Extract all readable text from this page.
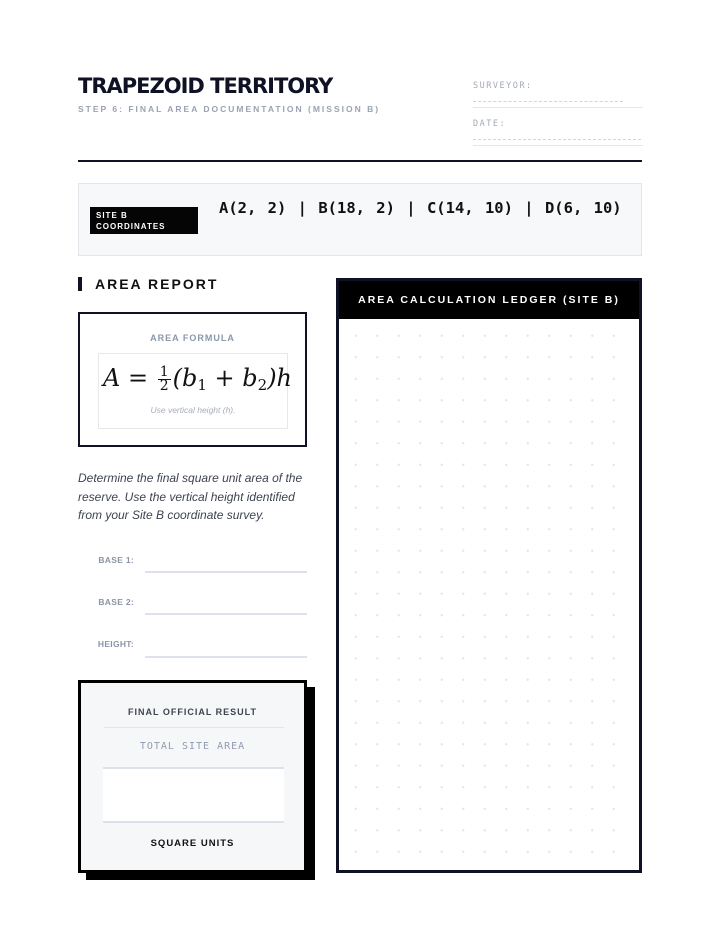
TRAPEZOID TERRITORY
STEP 6: FINAL AREA DOCUMENTATION (MISSION B)
SURVEYOR:
DATE:
SITE B COORDINATES
A(2, 2) | B(18, 2) | C(14, 10) | D(6, 10)
AREA REPORT
AREA FORMULA
$A = \frac{1}{2} (b_1 + b_2)h$
Use vertical height (h).
Determine the final square unit area of the reserve. Use the vertical height identified from your Site B coordinate survey.
BASE 1:
BASE 2:
HEIGHT:
FINAL OFFICIAL RESULT
TOTAL SITE AREA
SQUARE UNITS
AREA CALCULATION LEDGER (SITE B)
